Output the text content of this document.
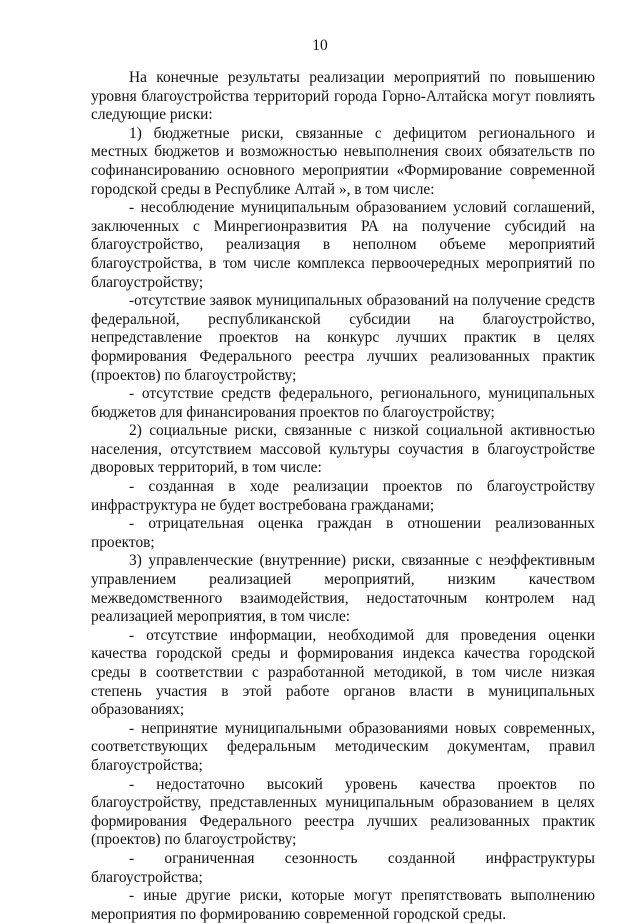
10

На конечные результаты реализации мероприятий по повышению уровня благоустройства территорий города Горно-Алтайска могут повлиять следующие риски:

1) бюджетные риски, связанные с дефицитом регионального и местных бюджетов и возможностью невыполнения своих обязательств по софинансированию основного мероприятии «Формирование современной городской среды в Республике Алтай », в том числе:

- несоблюдение муниципальным образованием условий соглашений, заключенных с Минрегионразвития РА на получение субсидий на благоустройство, реализация в неполном объеме мероприятий благоустройства, в том числе комплекса первоочередных мероприятий по благоустройству;

-отсутствие заявок муниципальных образований на получение средств федеральной, республиканской субсидии на благоустройство, непредставление проектов на конкурс лучших практик в целях формирования Федерального реестра лучших реализованных практик (проектов) по благоустройству;

- отсутствие средств федерального, регионального, муниципальных бюджетов для финансирования проектов по благоустройству;

2) социальные риски, связанные с низкой социальной активностью населения, отсутствием массовой культуры соучастия в благоустройстве дворовых территорий, в том числе:

- созданная в ходе реализации проектов по благоустройству инфраструктура не будет востребована гражданами;

- отрицательная оценка граждан в отношении реализованных проектов;

3) управленческие (внутренние) риски, связанные с неэффективным управлением реализацией мероприятий, низким качеством межведомственного взаимодействия, недостаточным контролем над реализацией мероприятия, в том числе:

- отсутствие информации, необходимой для проведения оценки качества городской среды и формирования индекса качества городской среды в соответствии с разработанной методикой, в том числе низкая степень участия в этой работе органов власти в муниципальных образованиях;

- непринятие муниципальными образованиями новых современных, соответствующих федеральным методическим документам, правил благоустройства;

- недостаточно высокий уровень качества проектов по благоустройству, представленных муниципальным образованием в целях формирования Федерального реестра лучших реализованных практик (проектов) по благоустройству;

- ограниченная сезонность созданной инфраструктуры благоустройства;

- иные другие риски, которые могут препятствовать выполнению мероприятия по формированию современной городской среды.
